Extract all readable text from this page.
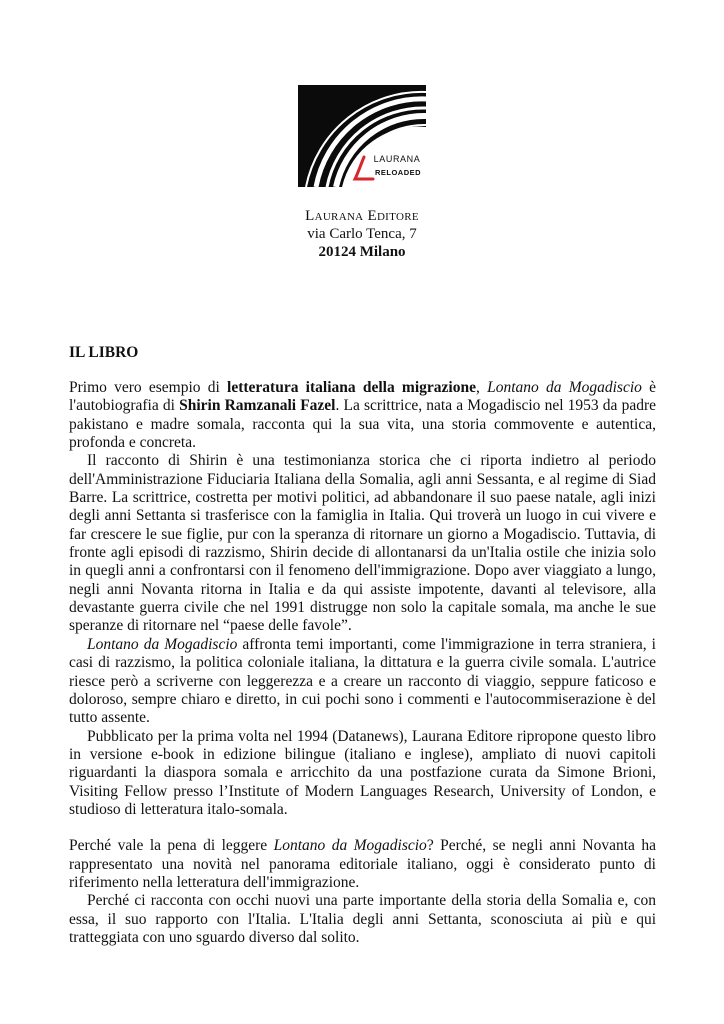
LAURANA
RELOADED
Laurana Editore
via Carlo Tenca, 7
20124 Milano
IL LIBRO

Primo vero esempio di letteratura italiana della migrazione, Lontano da Mogadiscio è l'autobiografia di Shirin Ramzanali Fazel. La scrittrice, nata a Mogadiscio nel 1953 da padre pakistano e madre somala, racconta qui la sua vita, una storia commovente e autentica, profonda e concreta.

Il racconto di Shirin è una testimonianza storica che ci riporta indietro al periodo dell'Amministrazione Fiduciaria Italiana della Somalia, agli anni Sessanta, e al regime di Siad Barre. La scrittrice, costretta per motivi politici, ad abbandonare il suo paese natale, agli inizi degli anni Settanta si trasferisce con la famiglia in Italia. Qui troverà un luogo in cui vivere e far crescere le sue figlie, pur con la speranza di ritornare un giorno a Mogadiscio. Tuttavia, di fronte agli episodi di razzismo, Shirin decide di allontanarsi da un'Italia ostile che inizia solo in quegli anni a confrontarsi con il fenomeno dell'immigrazione. Dopo aver viaggiato a lungo, negli anni Novanta ritorna in Italia e da qui assiste impotente, davanti al televisore, alla devastante guerra civile che nel 1991 distrugge non solo la capitale somala, ma anche le sue speranze di ritornare nel “paese delle favole”.

Lontano da Mogadiscio affronta temi importanti, come l'immigrazione in terra straniera, i casi di razzismo, la politica coloniale italiana, la dittatura e la guerra civile somala. L'autrice riesce però a scriverne con leggerezza e a creare un racconto di viaggio, seppure faticoso e doloroso, sempre chiaro e diretto, in cui pochi sono i commenti e l'autocommiserazione è del tutto assente.

Pubblicato per la prima volta nel 1994 (Datanews), Laurana Editore ripropone questo libro in versione e-book in edizione bilingue (italiano e inglese), ampliato di nuovi capitoli riguardanti la diaspora somala e arricchito da una postfazione curata da Simone Brioni, Visiting Fellow presso l’Institute of Modern Languages Research, University of London, e studioso di letteratura italo-somala.

Perché vale la pena di leggere Lontano da Mogadiscio? Perché, se negli anni Novanta ha rappresentato una novità nel panorama editoriale italiano, oggi è considerato punto di riferimento nella letteratura dell'immigrazione.

Perché ci racconta con occhi nuovi una parte importante della storia della Somalia e, con essa, il suo rapporto con l'Italia. L'Italia degli anni Settanta, sconosciuta ai più e qui tratteggiata con uno sguardo diverso dal solito.
